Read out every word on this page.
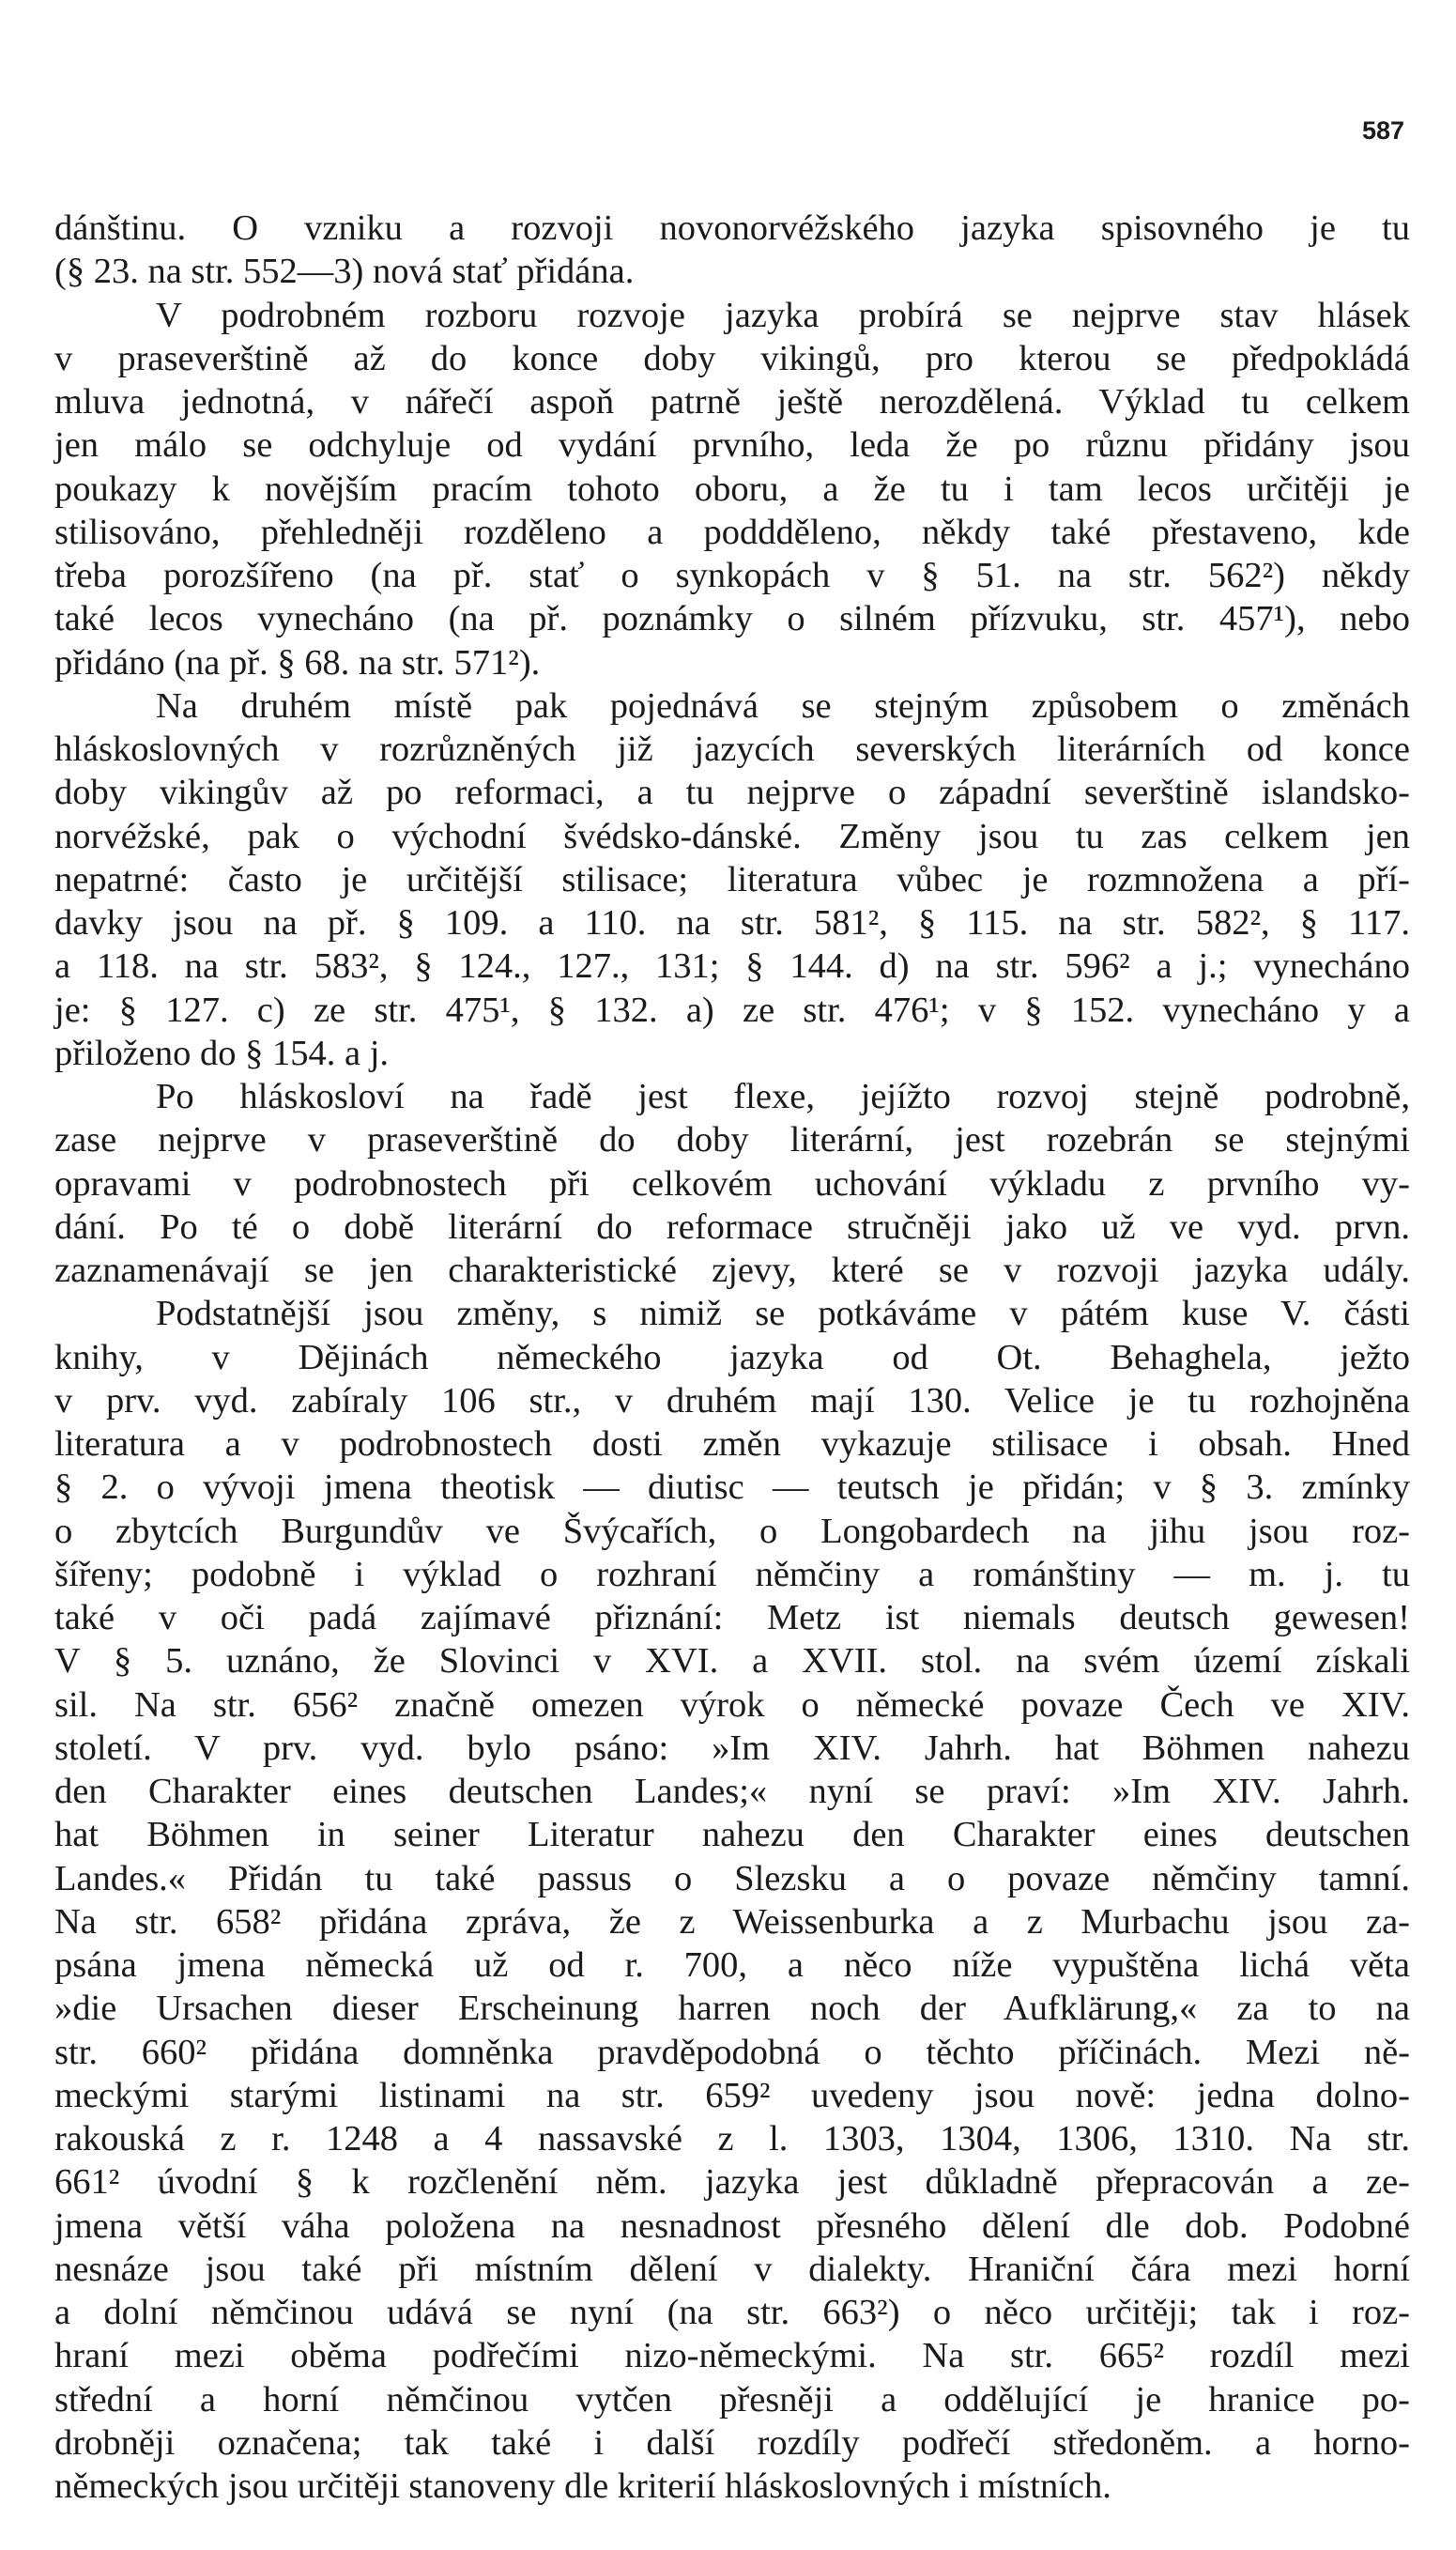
587
dánštinu. O vzniku a rozvoji novonorvéžského jazyka spisovného je tu
(§ 23. na str. 552—3) nová stať přidána.
V podrobném rozboru rozvoje jazyka probírá se nejprve stav hlásek
v praseverštině až do konce doby vikingů, pro kterou se předpokládá
mluva jednotná, v nářečí aspoň patrně ještě nerozdělená. Výklad tu celkem
jen málo se odchyluje od vydání prvního, leda že po různu přidány jsou
poukazy k novějším pracím tohoto oboru, a že tu i tam lecos určitěji je
stilisováno, přehledněji rozděleno a poddděleno, někdy také přestaveno, kde
třeba porozšířeno (na př. stať o synkopách v § 51. na str. 562²) někdy
také lecos vynecháno (na př. poznámky o silném přízvuku, str. 457¹), nebo
přidáno (na př. § 68. na str. 571²).
Na druhém místě pak pojednává se stejným způsobem o změnách
hláskoslovných v rozrůzněných již jazycích severských literárních od konce
doby vikingův až po reformaci, a tu nejprve o západní severštině islandsko-
norvéžské, pak o východní švédsko-dánské. Změny jsou tu zas celkem jen
nepatrné: často je určitější stilisace; literatura vůbec je rozmnožena a pří-
davky jsou na př. § 109. a 110. na str. 581², § 115. na str. 582², § 117.
a 118. na str. 583², § 124., 127., 131; § 144. d) na str. 596² a j.; vynecháno
je: § 127. c) ze str. 475¹, § 132. a) ze str. 476¹; v § 152. vynecháno y a
přiloženo do § 154. a j.
Po hláskosloví na řadě jest flexe, jejížto rozvoj stejně podrobně,
zase nejprve v praseverštině do doby literární, jest rozebrán se stejnými
opravami v podrobnostech při celkovém uchování výkladu z prvního vy-
dání. Po té o době literární do reformace stručněji jako už ve vyd. prvn.
zaznamenávají se jen charakteristické zjevy, které se v rozvoji jazyka udály.
Podstatnější jsou změny, s nimiž se potkáváme v pátém kuse V. části
knihy, v Dějinách německého jazyka od Ot. Behaghela, ježto
v prv. vyd. zabíraly 106 str., v druhém mají 130. Velice je tu rozhojněna
literatura a v podrobnostech dosti změn vykazuje stilisace i obsah. Hned
§ 2. o vývoji jmena theotisk — diutisc — teutsch je přidán; v § 3. zmínky
o zbytcích Burgundův ve Švýcařích, o Longobardech na jihu jsou roz-
šířeny; podobně i výklad o rozhraní němčiny a románštiny — m. j. tu
také v oči padá zajímavé přiznání: Metz ist niemals deutsch gewesen!
V § 5. uznáno, že Slovinci v XVI. a XVII. stol. na svém území získali
sil. Na str. 656² značně omezen výrok o německé povaze Čech ve XIV.
století. V prv. vyd. bylo psáno: »Im XIV. Jahrh. hat Böhmen nahezu
den Charakter eines deutschen Landes;« nyní se praví: »Im XIV. Jahrh.
hat Böhmen in seiner Literatur nahezu den Charakter eines deutschen
Landes.« Přidán tu také passus o Slezsku a o povaze němčiny tamní.
Na str. 658² přidána zpráva, že z Weissenburka a z Murbachu jsou za-
psána jmena německá už od r. 700, a něco níže vypuštěna lichá věta
»die Ursachen dieser Erscheinung harren noch der Aufklärung,« za to na
str. 660² přidána domněnka pravděpodobná o těchto příčinách. Mezi ně-
meckými starými listinami na str. 659² uvedeny jsou nově: jedna dolno-
rakouská z r. 1248 a 4 nassavské z l. 1303, 1304, 1306, 1310. Na str.
661² úvodní § k rozčlenění něm. jazyka jest důkladně přepracován a ze-
jmena větší váha položena na nesnadnost přesného dělení dle dob. Podobné
nesnáze jsou také při místním dělení v dialekty. Hraniční čára mezi horní
a dolní němčinou udává se nyní (na str. 663²) o něco určitěji; tak i roz-
hraní mezi oběma podřečími nizo-německými. Na str. 665² rozdíl mezi
střední a horní němčinou vytčen přesněji a oddělující je hranice po-
drobněji označena; tak také i další rozdíly podřečí středoněm. a horno-
německých jsou určitěji stanoveny dle kriterií hláskoslovných i místních.
